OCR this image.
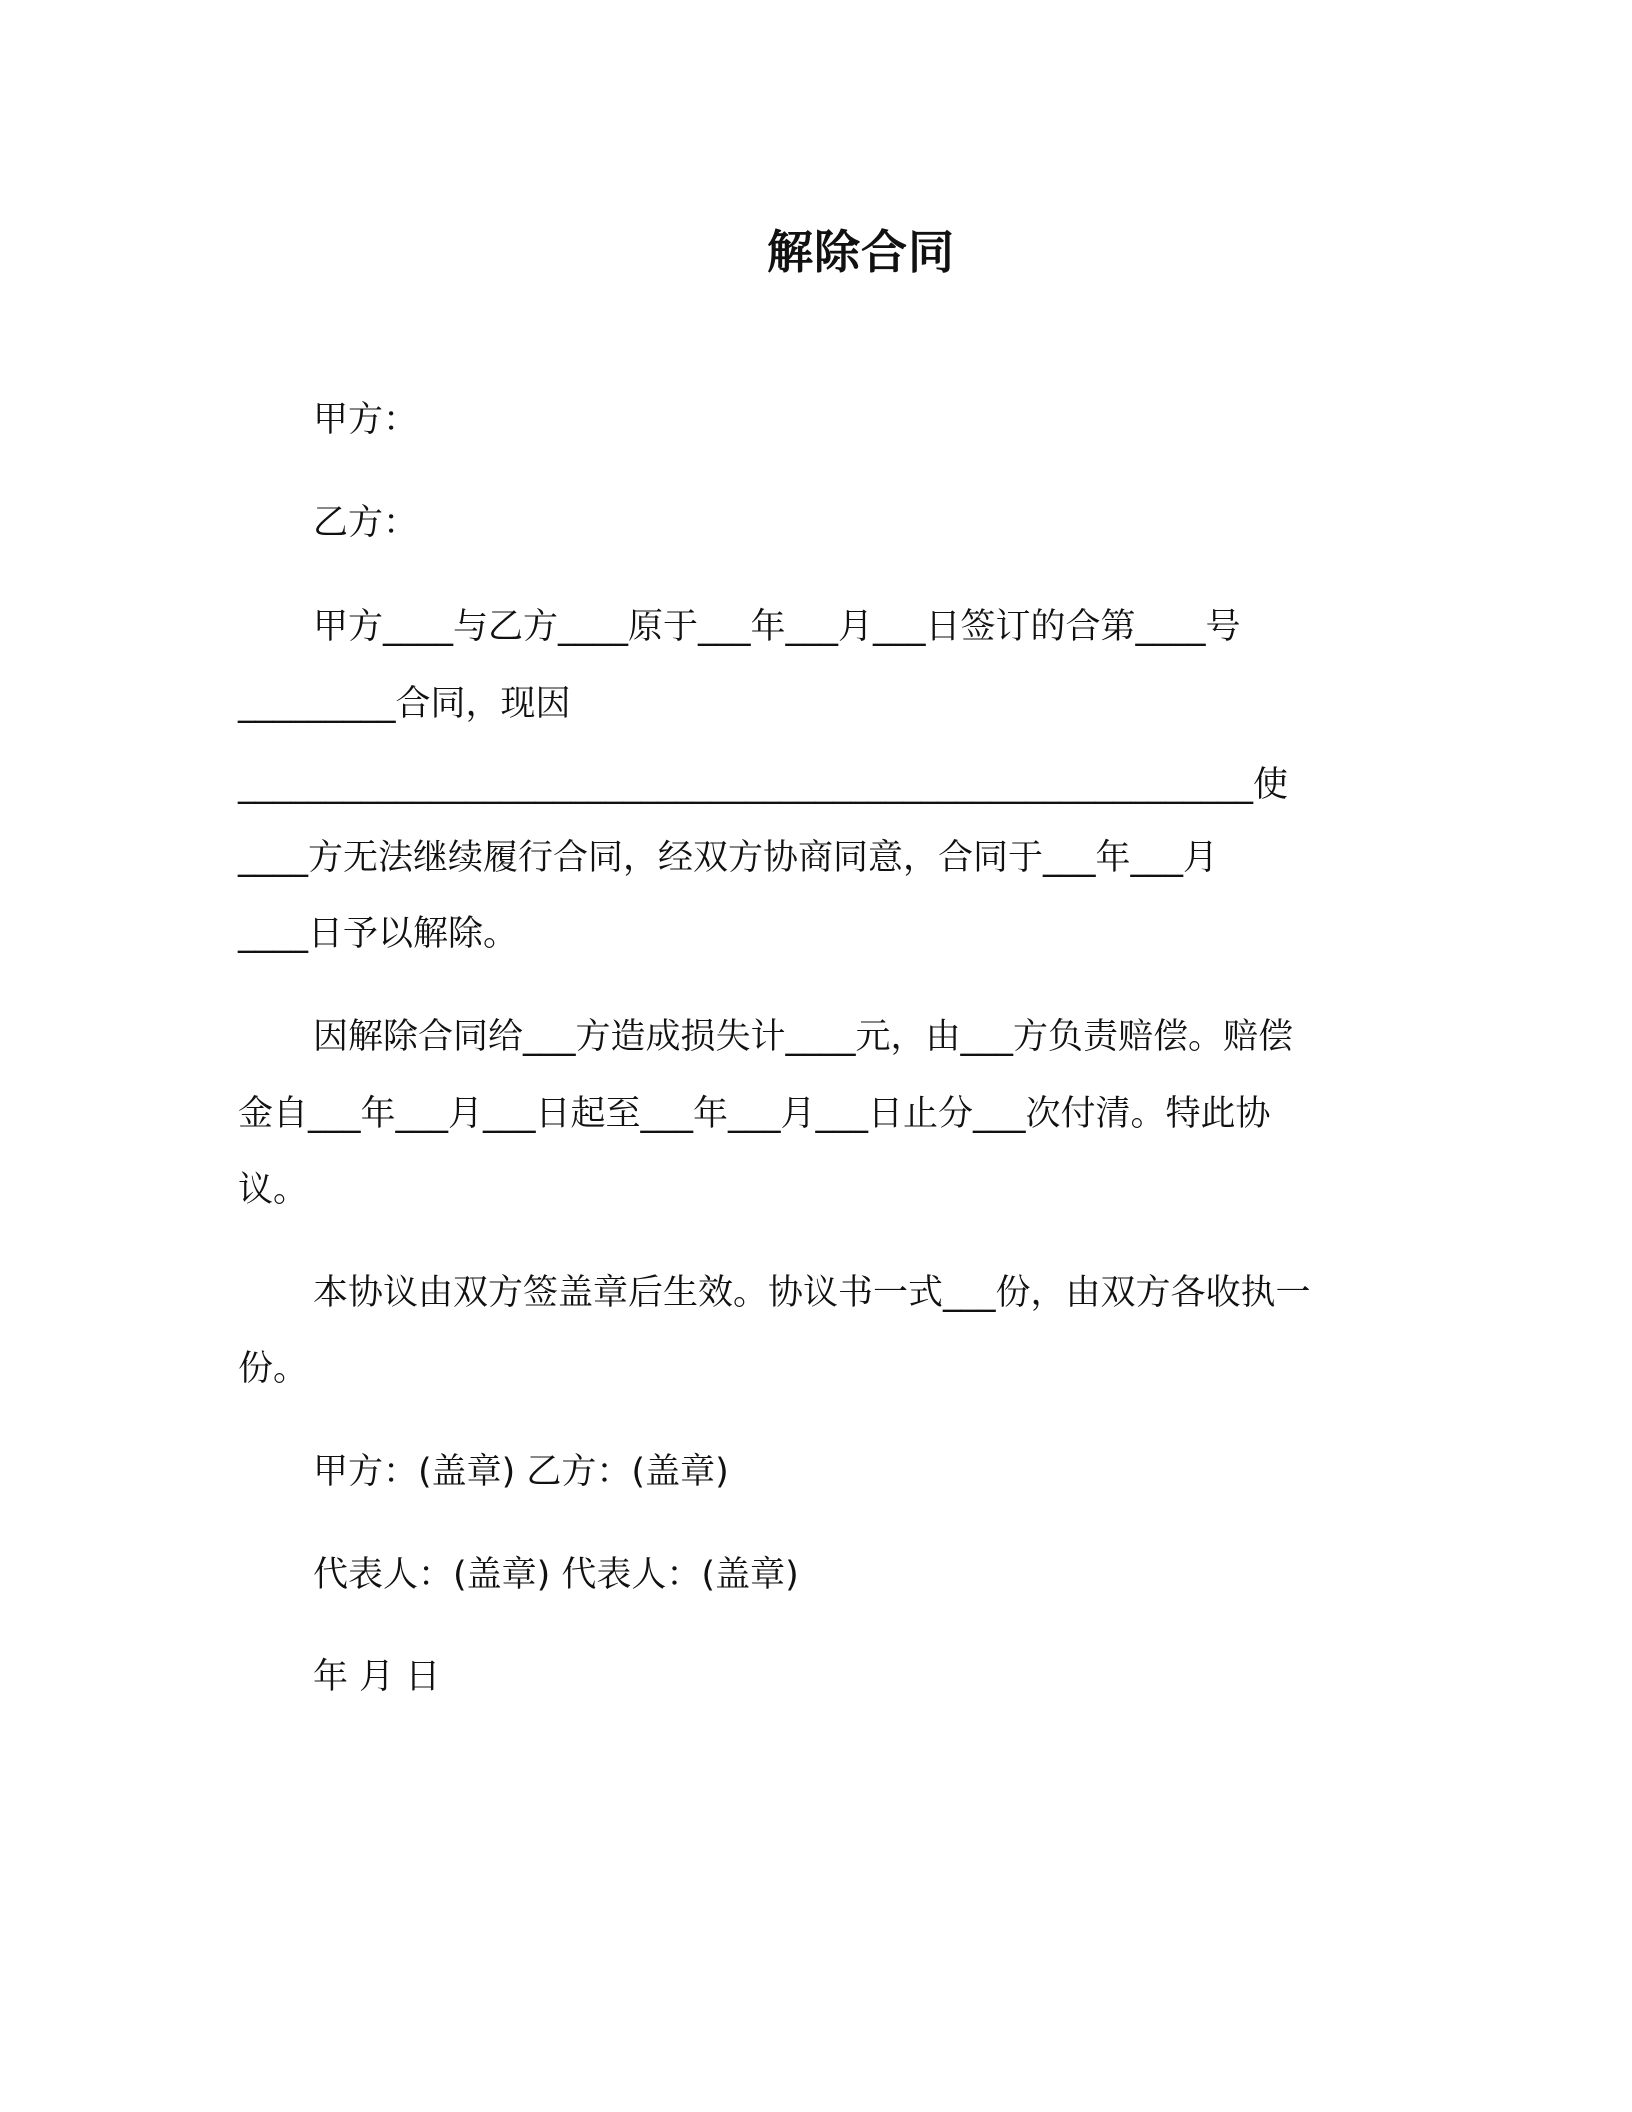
解除合同
甲方：
乙方：
甲方____与乙方____原于___年___月___日签订的合第____号
_________合同，现因
__________________________________________________________使
____方无法继续履行合同，经双方协商同意，合同于___年___月
____日予以解除。
因解除合同给___方造成损失计____元，由___方负责赔偿。赔偿
金自___年___月___日起至___年___月___日止分___次付清。特此协
议。
本协议由双方签盖章后生效。协议书一式___份，由双方各收执一
份。
甲方：(盖章) 乙方：(盖章)
代表人：(盖章) 代表人：(盖章)
年 月 日
